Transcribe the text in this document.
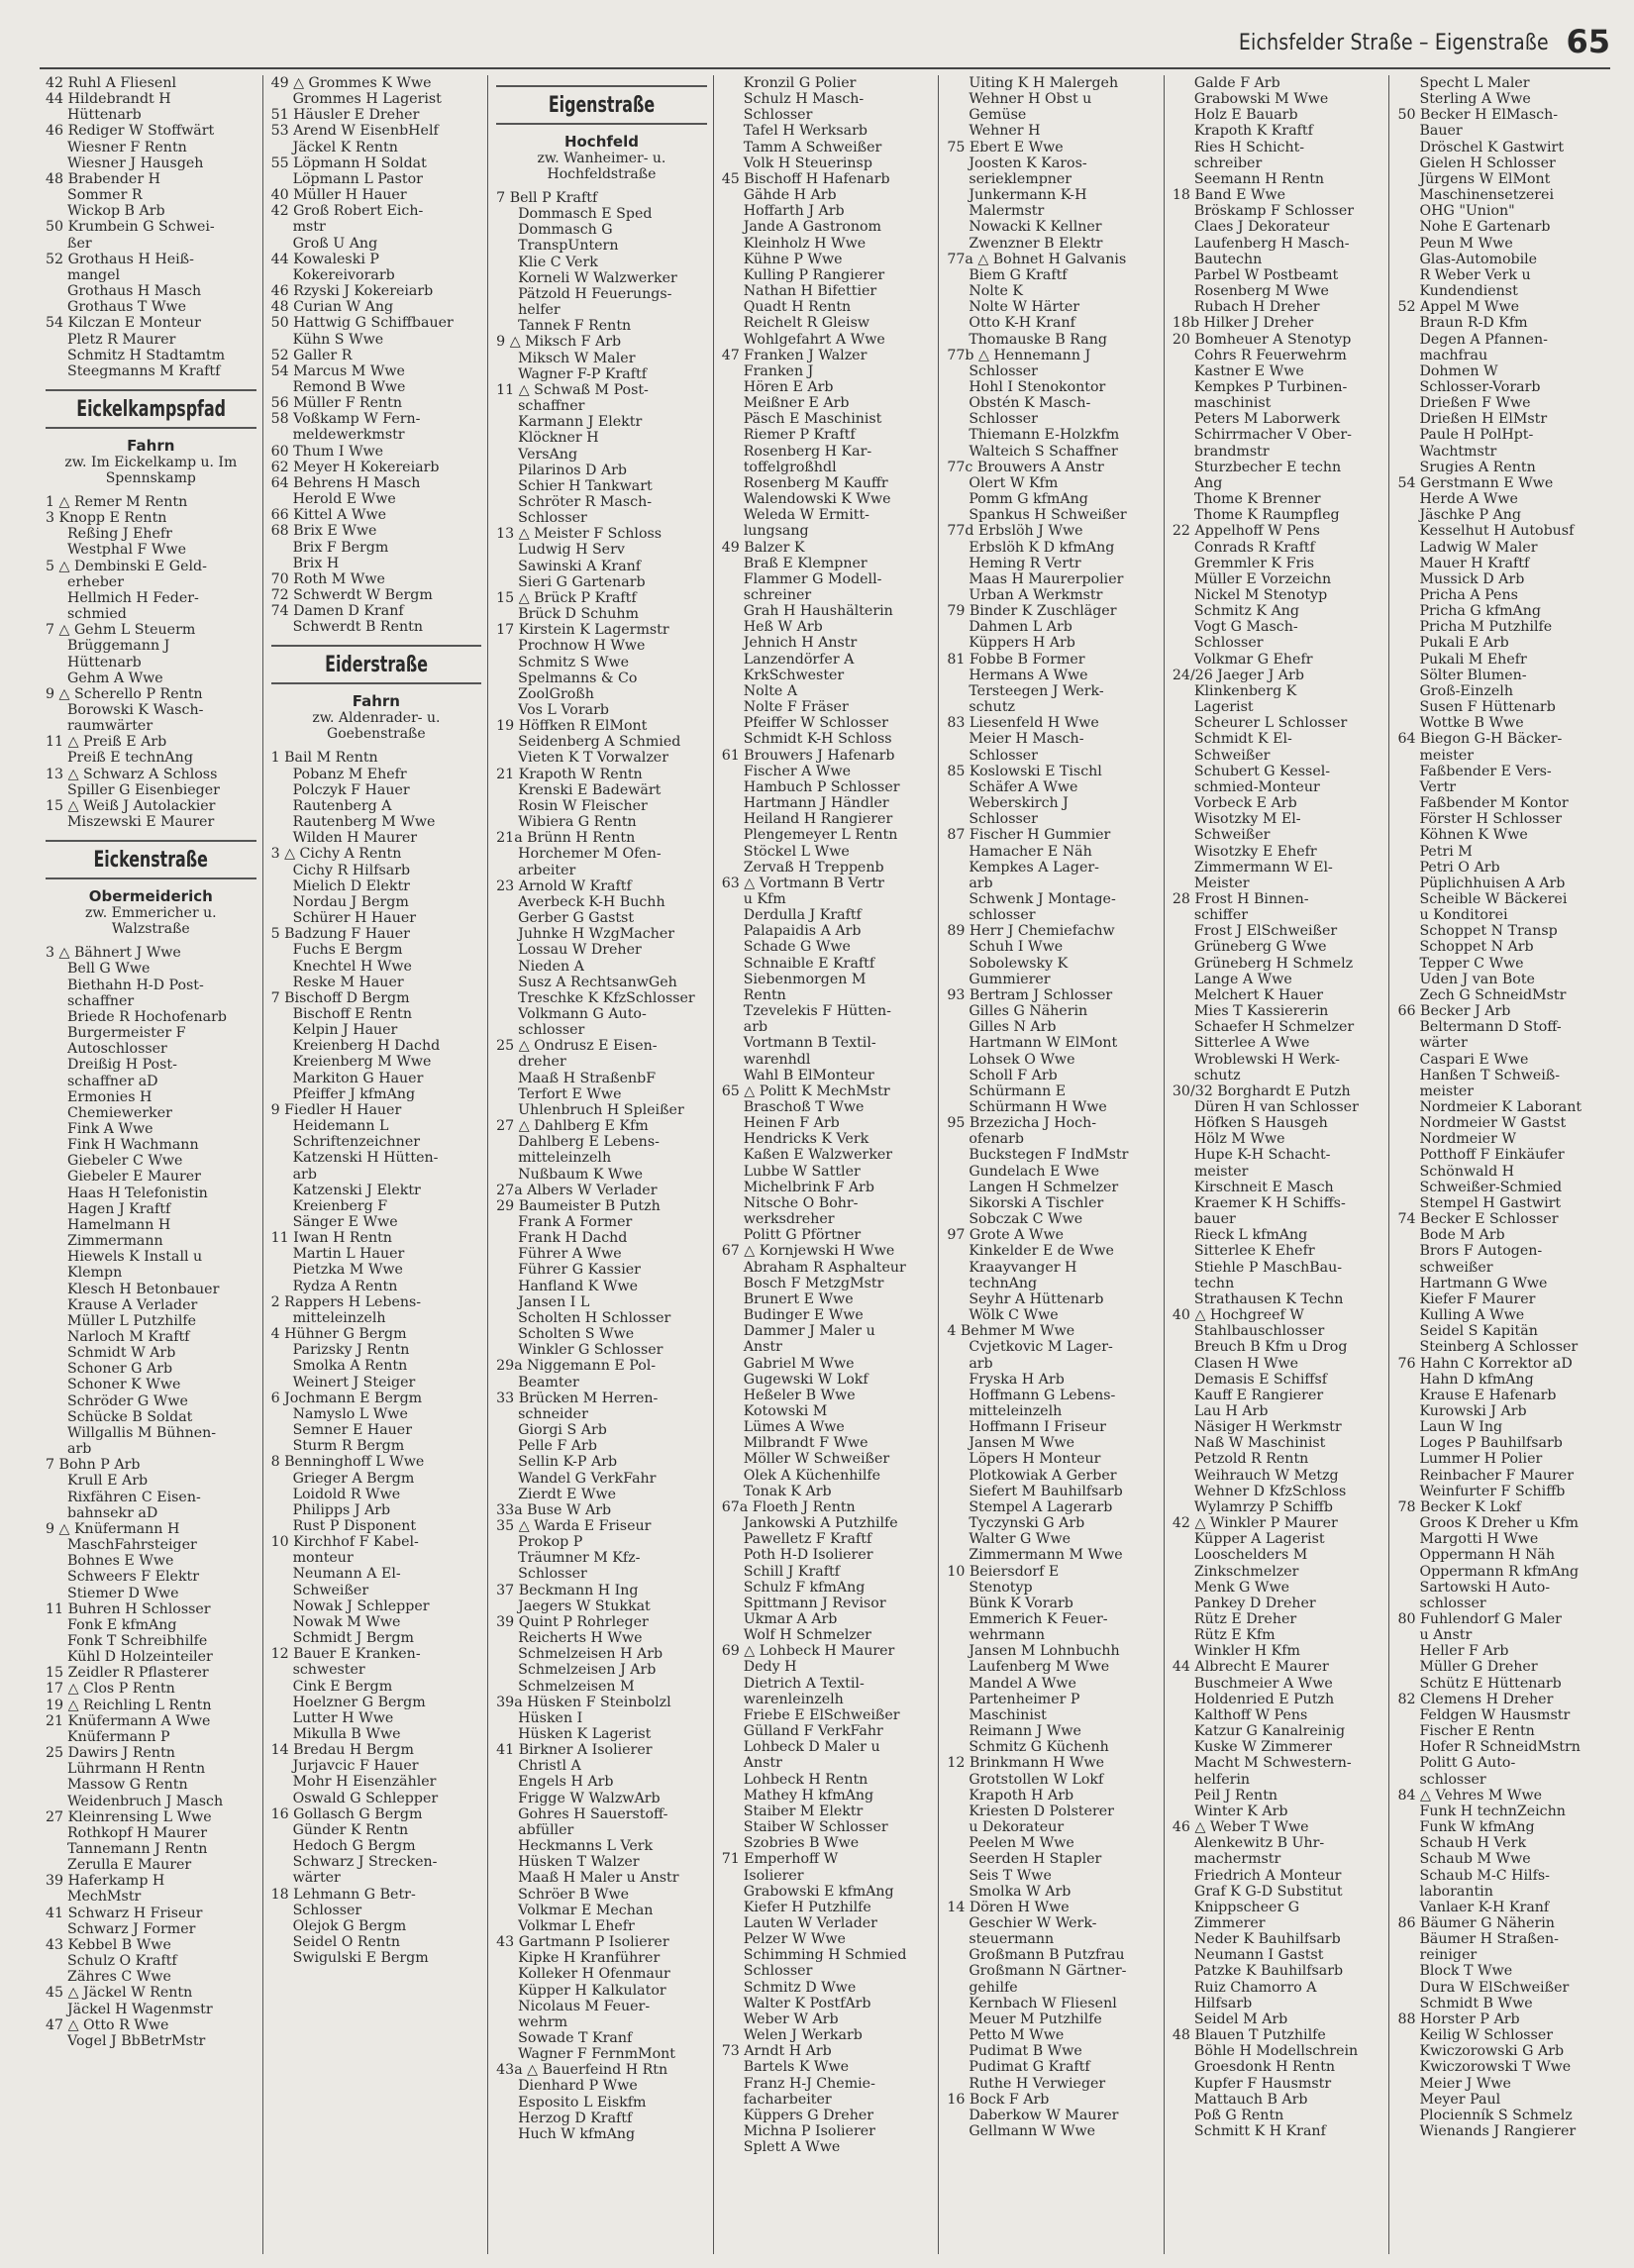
Eichsfelder Straße – Eigenstraße 65
42 Ruhl A Fliesenl
44 Hildebrandt H
Hüttenarb
46 Rediger W Stoffwärt
Wiesner F Rentn
Wiesner J Hausgeh
48 Brabender H
Sommer R
Wickop B Arb
50 Krumbein G Schwei-
ßer
52 Grothaus H Heiß-
mangel
Grothaus H Masch
Grothaus T Wwe
54 Kilczan E Monteur
Pletz R Maurer
Schmitz H Stadtamtm
Steegmanns M Kraftf
Eickelkampspfad
Fahrn
zw. Im Eickelkamp u. Im Spennskamp
1 △ Remer M Rentn
3 Knopp E Rentn
Reßing J Ehefr
Westphal F Wwe
5 △ Dembinski E Geld-
erheber
Hellmich H Feder-
schmied
7 △ Gehm L Steuerm
Brüggemann J
Hüttenarb
Gehm A Wwe
9 △ Scherello P Rentn
Borowski K Wasch-
raumwärter
11 △ Preiß E Arb
Preiß E technAng
13 △ Schwarz A Schloss
Spiller G Eisenbieger
15 △ Weiß J Autolackier
Miszewski E Maurer
Eickenstraße
Obermeiderich
zw. Emmericher u. Walzstraße
3 △ Bähnert J Wwe
Bell G Wwe
Biethahn H-D Post-
schaffner
Briede R Hochofenarb
Burgermeister F
Autoschlosser
Dreißig H Post-
schaffner aD
Ermonies H
Chemiewerker
Fink A Wwe
Fink H Wachmann
Giebeler C Wwe
Giebeler E Maurer
Haas H Telefonistin
Hagen J Kraftf
Hamelmann H
Zimmermann
Hiewels K Install u
Klempn
Klesch H Betonbauer
Krause A Verlader
Müller L Putzhilfe
Narloch M Kraftf
Schmidt W Arb
Schoner G Arb
Schoner K Wwe
Schröder G Wwe
Schücke B Soldat
Willgallis M Bühnen-
arb
7 Bohn P Arb
Krull E Arb
Rixfähren C Eisen-
bahnsekr aD
9 △ Knüfermann H
MaschFahrsteiger
Bohnes E Wwe
Schweers F Elektr
Stiemer D Wwe
11 Buhren H Schlosser
Fonk E kfmAng
Fonk T Schreibhilfe
Kühl D Holzeinteiler
15 Zeidler R Pflasterer
17 △ Clos P Rentn
19 △ Reichling L Rentn
21 Knüfermann A Wwe
Knüfermann P
25 Dawirs J Rentn
Lührmann H Rentn
Massow G Rentn
Weidenbruch J Masch
27 Kleinrensing L Wwe
Rothkopf H Maurer
Tannemann J Rentn
Zerulla E Maurer
39 Haferkamp H
MechMstr
41 Schwarz H Friseur
Schwarz J Former
43 Kebbel B Wwe
Schulz O Kraftf
Zähres C Wwe
45 △ Jäckel W Rentn
Jäckel H Wagenmstr
47 △ Otto R Wwe
Vogel J BbBetrMstr
49 △ Grommes K Wwe
Grommes H Lagerist
51 Häusler E Dreher
53 Arend W EisenbHelf
Jäckel K Rentn
55 Löpmann H Soldat
Löpmann L Pastor
40 Müller H Hauer
42 Groß Robert Eich-
mstr
Groß U Ang
44 Kowaleski P
Kokereivorarb
46 Rzyski J Kokereiarb
48 Curian W Ang
50 Hattwig G Schiffbauer
Kühn S Wwe
52 Galler R
54 Marcus M Wwe
Remond B Wwe
56 Müller F Rentn
58 Voßkamp W Fern-
meldewerkmstr
60 Thum I Wwe
62 Meyer H Kokereiarb
64 Behrens H Masch
Herold E Wwe
66 Kittel A Wwe
68 Brix E Wwe
Brix F Bergm
Brix H
70 Roth M Wwe
72 Schwerdt W Bergm
74 Damen D Kranf
Schwerdt B Rentn
Eiderstraße
Fahrn
zw. Aldenrader- u. Goebenstraße
1 Bail M Rentn
Pobanz M Ehefr
Polczyk F Hauer
Rautenberg A
Rautenberg M Wwe
Wilden H Maurer
3 △ Cichy A Rentn
Cichy R Hilfsarb
Mielich D Elektr
Nordau J Bergm
Schürer H Hauer
5 Badzung F Hauer
Fuchs E Bergm
Knechtel H Wwe
Reske M Hauer
7 Bischoff D Bergm
Bischoff E Rentn
Kelpin J Hauer
Kreienberg H Dachd
Kreienberg M Wwe
Markiton G Hauer
Pfeiffer J kfmAng
9 Fiedler H Hauer
Heidemann L
Schriftenzeichner
Katzenski H Hütten-
arb
Katzenski J Elektr
Kreienberg F
Sänger E Wwe
11 Iwan H Rentn
Martin L Hauer
Pietzka M Wwe
Rydza A Rentn
2 Rappers H Lebens-
mitteleinzelh
4 Hühner G Bergm
Parizsky J Rentn
Smolka A Rentn
Weinert J Steiger
6 Jochmann E Bergm
Namyslo L Wwe
Semner E Hauer
Sturm R Bergm
8 Benninghoff L Wwe
Grieger A Bergm
Loidold R Wwe
Philipps J Arb
Rust P Disponent
10 Kirchhof F Kabel-
monteur
Neumann A El-
Schweißer
Nowak J Schlepper
Nowak M Wwe
Schmidt J Bergm
12 Bauer E Kranken-
schwester
Cink E Bergm
Hoelzner G Bergm
Lutter H Wwe
Mikulla B Wwe
14 Bredau H Bergm
Jurjavcic F Hauer
Mohr H Eisenzähler
Oswald G Schlepper
16 Gollasch G Bergm
Günder K Rentn
Hedoch G Bergm
Schwarz J Strecken-
wärter
18 Lehmann G Betr-
Schlosser
Olejok G Bergm
Seidel O Rentn
Swigulski E Bergm
Eigenstraße
Hochfeld
zw. Wanheimer- u. Hochfeldstraße
7 Bell P Kraftf
Dommasch E Sped
Dommasch G
TranspUntern
Klie C Verk
Korneli W Walzwerker
Pätzold H Feuerungs-
helfer
Tannek F Rentn
9 △ Miksch F Arb
Miksch W Maler
Wagner F-P Kraftf
11 △ Schwaß M Post-
schaffner
Karmann J Elektr
Klöckner H
VersAng
Pilarinos D Arb
Schier H Tankwart
Schröter R Masch-
Schlosser
13 △ Meister F Schloss
Ludwig H Serv
Sawinski A Kranf
Sieri G Gartenarb
15 △ Brück P Kraftf
Brück D Schuhm
17 Kirstein K Lagermstr
Prochnow H Wwe
Schmitz S Wwe
Spelmanns & Co
ZoolGroßh
Vos L Vorarb
19 Höffken R ElMont
Seidenberg A Schmied
Vieten K T Vorwalzer
21 Krapoth W Rentn
Krenski E Badewärt
Rosin W Fleischer
Wibiera G Rentn
21a Brünn H Rentn
Horchemer M Ofen-
arbeiter
23 Arnold W Kraftf
Averbeck K-H Buchh
Gerber G Gastst
Juhnke H WzgMacher
Lossau W Dreher
Nieden A
Susz A RechtsanwGeh
Treschke K KfzSchlosser
Volkmann G Auto-
schlosser
25 △ Ondrusz E Eisen-
dreher
Maaß H StraßenbF
Terfort E Wwe
Uhlenbruch H Spleißer
27 △ Dahlberg E Kfm
Dahlberg E Lebens-
mitteleinzelh
Nußbaum K Wwe
27a Albers W Verlader
29 Baumeister B Putzh
Frank A Former
Frank H Dachd
Führer A Wwe
Führer G Kassier
Hanfland K Wwe
Jansen I L
Scholten H Schlosser
Scholten S Wwe
Winkler G Schlosser
29a Niggemann E Pol-
Beamter
33 Brücken M Herren-
schneider
Giorgi S Arb
Pelle F Arb
Sellin K-P Arb
Wandel G VerkFahr
Zierdt E Wwe
33a Buse W Arb
35 △ Warda E Friseur
Prokop P
Träumner M Kfz-
Schlosser
37 Beckmann H Ing
Jaegers W Stukkat
39 Quint P Rohrleger
Reicherts H Wwe
Schmelzeisen H Arb
Schmelzeisen J Arb
Schmelzeisen M
39a Hüsken F Steinbolzl
Hüsken I
Hüsken K Lagerist
41 Birkner A Isolierer
Christl A
Engels H Arb
Frigge W WalzwArb
Gohres H Sauerstoff-
abfüller
Heckmanns L Verk
Hüsken T Walzer
Maaß H Maler u Anstr
Schröer B Wwe
Volkmar E Mechan
Volkmar L Ehefr
43 Gartmann P Isolierer
Kipke H Kranführer
Kolleker H Ofenmaur
Küpper H Kalkulator
Nicolaus M Feuer-
wehrm
Sowade T Kranf
Wagner F FernmMont
43a △ Bauerfeind H Rtn
Dienhard P Wwe
Esposito L Eiskfm
Herzog D Kraftf
Huch W kfmAng
Kronzil G Polier
Schulz H Masch-
Schlosser
Tafel H Werksarb
Tamm A Schweißer
Volk H Steuerinsp
45 Bischoff H Hafenarb
Gähde H Arb
Hoffarth J Arb
Jande A Gastronom
Kleinholz H Wwe
Kühne P Wwe
Kulling P Rangierer
Nathan H Bifettier
Quadt H Rentn
Reichelt R Gleisw
Wohlgefahrt A Wwe
47 Franken J Walzer
Franken J
Hören E Arb
Meißner E Arb
Päsch E Maschinist
Riemer P Kraftf
Rosenberg H Kar-
toffelgroßhdl
Rosenberg M Kauffr
Walendowski K Wwe
Weleda W Ermitt-
lungsang
49 Balzer K
Braß E Klempner
Flammer G Modell-
schreiner
Grah H Haushälterin
Heß W Arb
Jehnich H Anstr
Lanzendörfer A
KrkSchwester
Nolte A
Nolte F Fräser
Pfeiffer W Schlosser
Schmidt K-H Schloss
61 Brouwers J Hafenarb
Fischer A Wwe
Hambuch P Schlosser
Hartmann J Händler
Heiland H Rangierer
Plengemeyer L Rentn
Stöckel L Wwe
Zervaß H Treppenb
63 △ Vortmann B Vertr
u Kfm
Derdulla J Kraftf
Palapaidis A Arb
Schade G Wwe
Schnaible E Kraftf
Siebenmorgen M
Rentn
Tzevelekis F Hütten-
arb
Vortmann B Textil-
warenhdl
Wahl B ElMonteur
65 △ Politt K MechMstr
Braschoß T Wwe
Heinen F Arb
Hendricks K Verk
Kaßen E Walzwerker
Lubbe W Sattler
Michelbrink F Arb
Nitsche O Bohr-
werksdreher
Politt G Pförtner
67 △ Kornjewski H Wwe
Abraham R Asphalteur
Bosch F MetzgMstr
Brunert E Wwe
Budinger E Wwe
Dammer J Maler u
Anstr
Gabriel M Wwe
Gugewski W Lokf
Heßeler B Wwe
Kotowski M
Lümes A Wwe
Milbrandt F Wwe
Möller W Schweißer
Olek A Küchenhilfe
Tonak K Arb
67a Floeth J Rentn
Jankowski A Putzhilfe
Pawelletz F Kraftf
Poth H-D Isolierer
Schill J Kraftf
Schulz F kfmAng
Spittmann J Revisor
Ukmar A Arb
Wolf H Schmelzer
69 △ Lohbeck H Maurer
Dedy H
Dietrich A Textil-
warenleinzelh
Friebe E ElSchweißer
Gülland F VerkFahr
Lohbeck D Maler u
Anstr
Lohbeck H Rentn
Mathey H kfmAng
Staiber M Elektr
Staiber W Schlosser
Szobries B Wwe
71 Emperhoff W
Isolierer
Grabowski E kfmAng
Kiefer H Putzhilfe
Lauten W Verlader
Pelzer W Wwe
Schimming H Schmied
Schlosser
Schmitz D Wwe
Walter K PostfArb
Weber W Arb
Welen J Werkarb
73 Arndt H Arb
Bartels K Wwe
Franz H-J Chemie-
facharbeiter
Küppers G Dreher
Michna P Isolierer
Splett A Wwe
Uiting K H Malergeh
Wehner H Obst u
Gemüse
Wehner H
75 Ebert E Wwe
Joosten K Karos-
serieklempner
Junkermann K-H
Malermstr
Nowacki K Kellner
Zwenzner B Elektr
77a △ Bohnet H Galvanis
Biem G Kraftf
Nolte K
Nolte W Härter
Otto K-H Kranf
Thomauske B Rang
77b △ Hennemann J
Schlosser
Hohl I Stenokontor
Obstén K Masch-
Schlosser
Thiemann E-Holzkfm
Walteich S Schaffner
77c Brouwers A Anstr
Olert W Kfm
Pomm G kfmAng
Spankus H Schweißer
77d Erbslöh J Wwe
Erbslöh K D kfmAng
Heming R Vertr
Maas H Maurerpolier
Urban A Werkmstr
79 Binder K Zuschläger
Dahmen L Arb
Küppers H Arb
81 Fobbe B Former
Hermans A Wwe
Tersteegen J Werk-
schutz
83 Liesenfeld H Wwe
Meier H Masch-
Schlosser
85 Koslowski E Tischl
Schäfer A Wwe
Weberskirch J
Schlosser
87 Fischer H Gummier
Hamacher E Näh
Kempkes A Lager-
arb
Schwenk J Montage-
schlosser
89 Herr J Chemiefachw
Schuh I Wwe
Sobolewsky K
Gummierer
93 Bertram J Schlosser
Gilles G Näherin
Gilles N Arb
Hartmann W ElMont
Lohsek O Wwe
Scholl F Arb
Schürmann E
Schürmann H Wwe
95 Brzezicha J Hoch-
ofenarb
Buckstegen F IndMstr
Gundelach E Wwe
Langen H Schmelzer
Sikorski A Tischler
Sobczak C Wwe
97 Grote A Wwe
Kinkelder E de Wwe
Kraayvanger H
technAng
Seyhr A Hüttenarb
Wölk C Wwe
4 Behmer M Wwe
Cvjetkovic M Lager-
arb
Fryska H Arb
Hoffmann G Lebens-
mitteleinzelh
Hoffmann I Friseur
Jansen M Wwe
Löpers H Monteur
Plotkowiak A Gerber
Siefert M Bauhilfsarb
Stempel A Lagerarb
Tyczynski G Arb
Walter G Wwe
Zimmermann M Wwe
10 Beiersdorf E
Stenotyp
Bünk K Vorarb
Emmerich K Feuer-
wehrmann
Jansen M Lohnbuchh
Laufenberg M Wwe
Mandel A Wwe
Partenheimer P
Maschinist
Reimann J Wwe
Schmitz G Küchenh
12 Brinkmann H Wwe
Grotstollen W Lokf
Krapoth H Arb
Kriesten D Polsterer
u Dekorateur
Peelen M Wwe
Seerden H Stapler
Seis T Wwe
Smolka W Arb
14 Dören H Wwe
Geschier W Werk-
steuermann
Großmann B Putzfrau
Großmann N Gärtner-
gehilfe
Kernbach W Fliesenl
Meuer M Putzhilfe
Petto M Wwe
Pudimat B Wwe
Pudimat G Kraftf
Ruthe H Verwieger
16 Bock F Arb
Daberkow W Maurer
Gellmann W Wwe
Galde F Arb
Grabowski M Wwe
Holz E Bauarb
Krapoth K Kraftf
Ries H Schicht-
schreiber
Seemann H Rentn
18 Band E Wwe
Bröskamp F Schlosser
Claes J Dekorateur
Laufenberg H Masch-
Bautechn
Parbel W Postbeamt
Rosenberg M Wwe
Rubach H Dreher
18b Hilker J Dreher
20 Bomheuer A Stenotyp
Cohrs R Feuerwehrm
Kastner E Wwe
Kempkes P Turbinen-
maschinist
Peters M Laborwerk
Schirrmacher V Ober-
brandmstr
Sturzbecher E techn
Ang
Thome K Brenner
Thome K Raumpfleg
22 Appelhoff W Pens
Conrads R Kraftf
Gremmler K Fris
Müller E Vorzeichn
Nickel M Stenotyp
Schmitz K Ang
Vogt G Masch-
Schlosser
Volkmar G Ehefr
24/26 Jaeger J Arb
Klinkenberg K
Lagerist
Scheurer L Schlosser
Schmidt K El-
Schweißer
Schubert G Kessel-
schmied-Monteur
Vorbeck E Arb
Wisotzky M El-
Schweißer
Wisotzky E Ehefr
Zimmermann W El-
Meister
28 Frost H Binnen-
schiffer
Frost J ElSchweißer
Grüneberg G Wwe
Grüneberg H Schmelz
Lange A Wwe
Melchert K Hauer
Mies T Kassiererin
Schaefer H Schmelzer
Sitterlee A Wwe
Wroblewski H Werk-
schutz
30/32 Borghardt E Putzh
Düren H van Schlosser
Höfken S Hausgeh
Hölz M Wwe
Hupe K-H Schacht-
meister
Kirschneit E Masch
Kraemer K H Schiffs-
bauer
Rieck L kfmAng
Sitterlee K Ehefr
Stiehle P MaschBau-
techn
Strathausen K Techn
40 △ Hochgreef W
Stahlbauschlosser
Breuch B Kfm u Drog
Clasen H Wwe
Demasis E Schiffsf
Kauff E Rangierer
Lau H Arb
Näsiger H Werkmstr
Naß W Maschinist
Petzold R Rentn
Weihrauch W Metzg
Wehner D KfzSchloss
Wylamrzy P Schiffb
42 △ Winkler P Maurer
Küpper A Lagerist
Looschelders M
Zinkschmelzer
Menk G Wwe
Pankey D Dreher
Rütz E Dreher
Rütz E Kfm
Winkler H Kfm
44 Albrecht E Maurer
Buschmeier A Wwe
Holdenried E Putzh
Kalthoff W Pens
Katzur G Kanalreinig
Kuske W Zimmerer
Macht M Schwestern-
helferin
Peil J Rentn
Winter K Arb
46 △ Weber T Wwe
Alenkewitz B Uhr-
machermstr
Friedrich A Monteur
Graf K G-D Substitut
Knippscheer G
Zimmerer
Neder K Bauhilfsarb
Neumann I Gastst
Patzke K Bauhilfsarb
Ruiz Chamorro A
Hilfsarb
Seidel M Arb
48 Blauen T Putzhilfe
Böhle H Modellschrein
Groesdonk H Rentn
Kupfer F Hausmstr
Mattauch B Arb
Poß G Rentn
Schmitt K H Kranf
Specht L Maler
Sterling A Wwe
50 Becker H ElMasch-
Bauer
Dröschel K Gastwirt
Gielen H Schlosser
Jürgens W ElMont
Maschinensetzerei
OHG "Union"
Nohe E Gartenarb
Peun M Wwe
Glas-Automobile
R Weber Verk u
Kundendienst
52 Appel M Wwe
Braun R-D Kfm
Degen A Pfannen-
machfrau
Dohmen W
Schlosser-Vorarb
Drießen F Wwe
Drießen H ElMstr
Paule H PolHpt-
Wachtmstr
Srugies A Rentn
54 Gerstmann E Wwe
Herde A Wwe
Jäschke P Ang
Kesselhut H Autobusf
Ladwig W Maler
Mauer H Kraftf
Mussick D Arb
Pricha A Pens
Pricha G kfmAng
Pricha M Putzhilfe
Pukali E Arb
Pukali M Ehefr
Sölter Blumen-
Groß-Einzelh
Susen F Hüttenarb
Wottke B Wwe
64 Biegon G-H Bäcker-
meister
Faßbender E Vers-
Vertr
Faßbender M Kontor
Förster H Schlosser
Köhnen K Wwe
Petri M
Petri O Arb
Püplichhuisen A Arb
Scheible W Bäckerei
u Konditorei
Schoppet N Transp
Schoppet N Arb
Tepper C Wwe
Uden J van Bote
Zech G SchneidMstr
66 Becker J Arb
Beltermann D Stoff-
wärter
Caspari E Wwe
Hanßen T Schweiß-
meister
Nordmeier K Laborant
Nordmeier W Gastst
Nordmeier W
Potthoff F Einkäufer
Schönwald H
Schweißer-Schmied
Stempel H Gastwirt
74 Becker E Schlosser
Bode M Arb
Brors F Autogen-
schweißer
Hartmann G Wwe
Kiefer F Maurer
Kulling A Wwe
Seidel S Kapitän
Steinberg A Schlosser
76 Hahn C Korrektor aD
Hahn D kfmAng
Krause E Hafenarb
Kurowski J Arb
Laun W Ing
Loges P Bauhilfsarb
Lummer H Polier
Reinbacher F Maurer
Weinfurter F Schiffb
78 Becker K Lokf
Groos K Dreher u Kfm
Margotti H Wwe
Oppermann H Näh
Oppermann R kfmAng
Sartowski H Auto-
schlosser
80 Fuhlendorf G Maler
u Anstr
Heller F Arb
Müller G Dreher
Schütz E Hüttenarb
82 Clemens H Dreher
Feldgen W Hausmstr
Fischer E Rentn
Hofer R SchneidMstrn
Politt G Auto-
schlosser
84 △ Vehres M Wwe
Funk H technZeichn
Funk W kfmAng
Schaub H Verk
Schaub M Wwe
Schaub M-C Hilfs-
laborantin
Vanlaer K-H Kranf
86 Bäumer G Näherin
Bäumer H Straßen-
reiniger
Block T Wwe
Dura W ElSchweißer
Schmidt B Wwe
88 Horster P Arb
Keilig W Schlosser
Kwiczorowski G Arb
Kwiczorowski T Wwe
Meier J Wwe
Meyer Paul
Plocienník S Schmelz
Wienands J Rangierer
